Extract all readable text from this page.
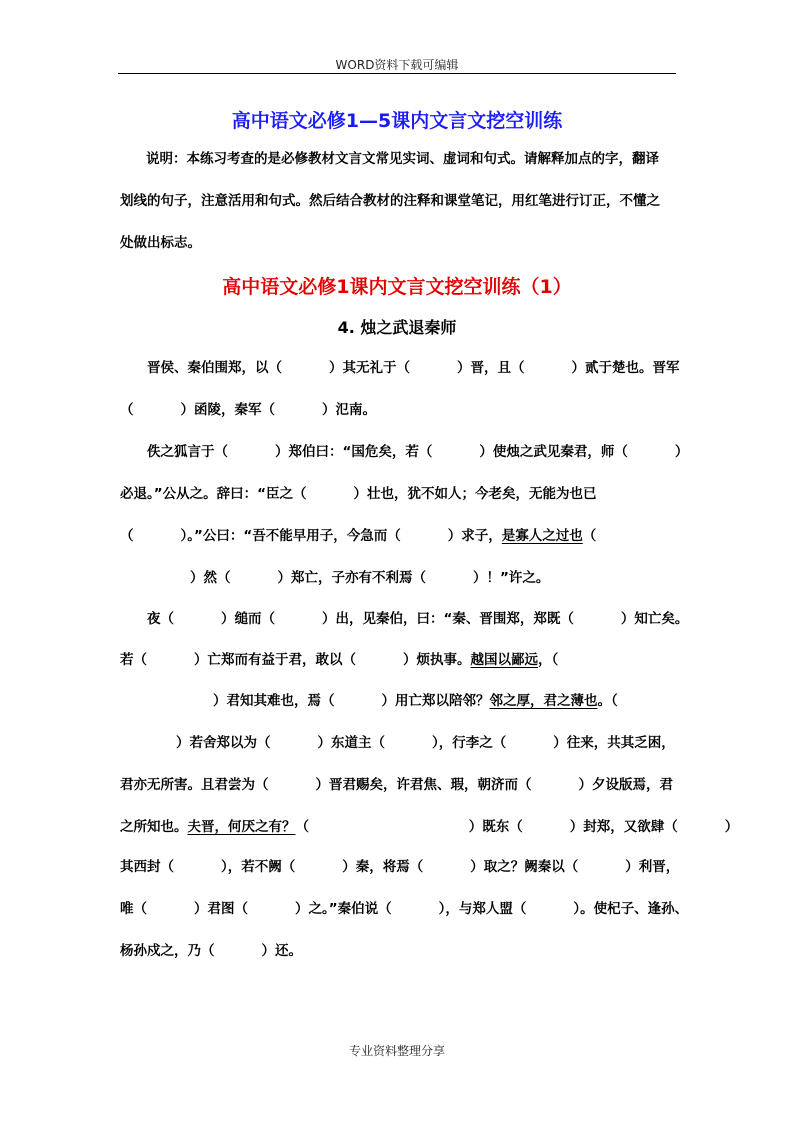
WORD资料下载可编辑
高中语文必修1—5课内文言文挖空训练
说明：本练习考查的是必修教材文言文常见实词、虚词和句式。请解释加点的字，翻译
划线的句子，注意活用和句式。然后结合教材的注释和课堂笔记，用红笔进行订正，不懂之
处做出标志。
高中语文必修1课内文言文挖空训练（1）
4. 烛之武退秦师
晋侯、秦伯围郑，以（          ）其无礼于（          ）晋，且（          ）贰于楚也。晋军
（          ）函陵，秦军（          ）氾南。
佚之狐言于（          ）郑伯曰：“国危矣，若（          ）使烛之武见秦君，师（          ）
必退。”公从之。辞曰：“臣之（          ）壮也，犹不如人；今老矣，无能为也已
（          ）。”公曰：“吾不能早用子，今急而（          ）求子，是寡人之过也（
）然（          ）郑亡，子亦有不利焉（          ）！”许之。
夜（          ）缒而（          ）出，见秦伯，曰：“秦、晋围郑，郑既（          ）知亡矣。
若（          ）亡郑而有益于君，敢以（          ）烦执事。越国以鄙远，（
）君知其难也，焉（          ）用亡郑以陪邻？邻之厚，君之薄也。（
）若舍郑以为（          ）东道主（          ），行李之（          ）往来，共其乏困，
君亦无所害。且君尝为（          ）晋君赐矣，许君焦、瑕，朝济而（          ）夕设版焉，君
之所知也。夫晋，何厌之有？（                                  ）既东（          ）封郑，又欲肆（          ）
其西封（          ），若不阙（          ）秦，将焉（          ）取之？阙秦以（          ）利晋，
唯（          ）君图（          ）之。”秦伯说（          ），与郑人盟（          ）。使杞子、逢孙、
杨孙戍之，乃（          ）还。
专业资料整理分享
